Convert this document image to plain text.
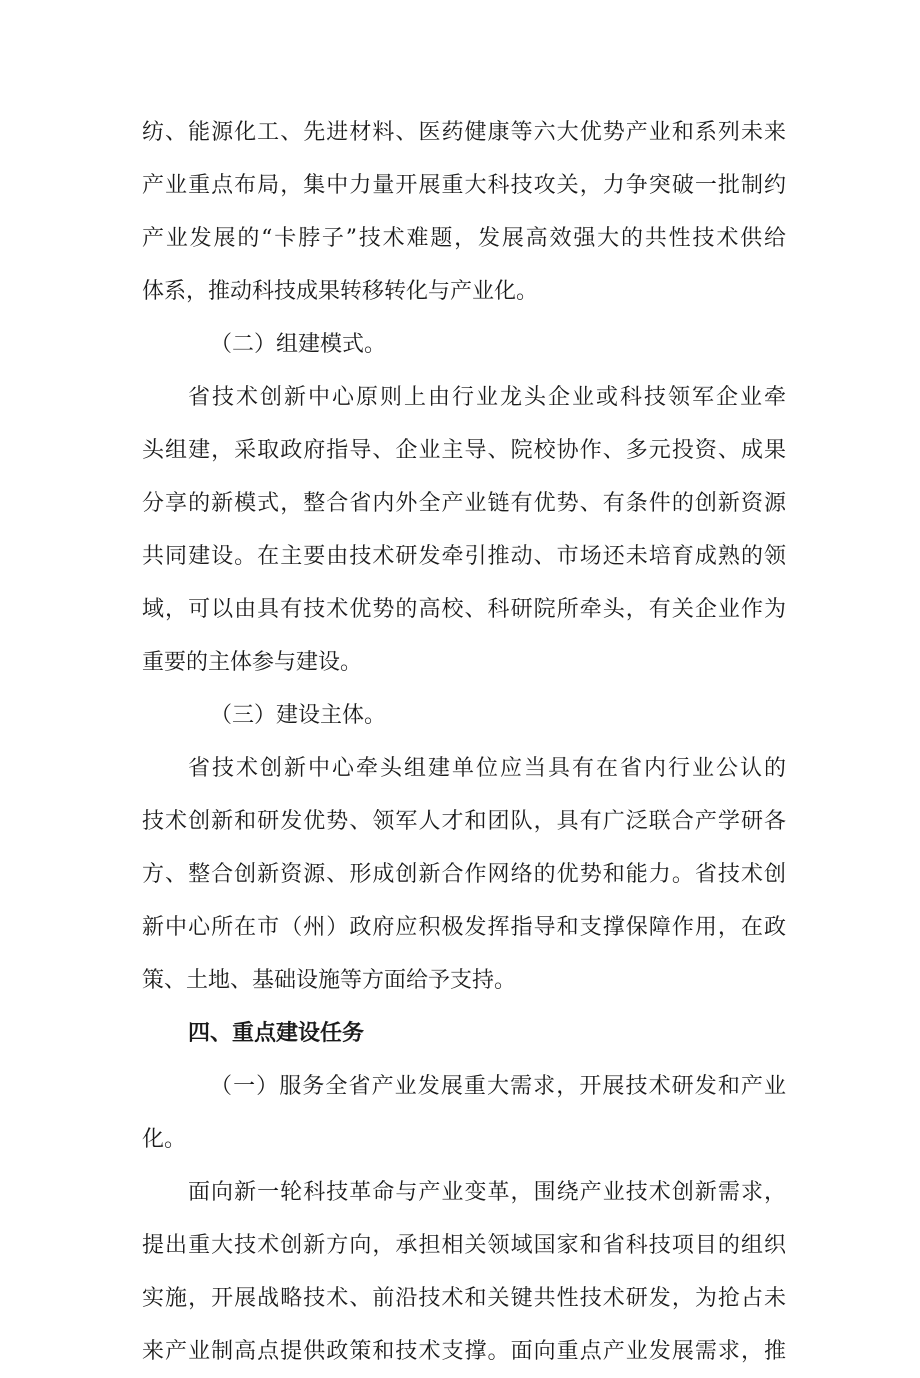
纺、能源化工、先进材料、医药健康等六大优势产业和系列未来
产业重点布局，集中力量开展重大科技攻关，力争突破一批制约
产业发展的“卡脖子”技术难题，发展高效强大的共性技术供给
体系，推动科技成果转移转化与产业化。
（二）组建模式。
省技术创新中心原则上由行业龙头企业或科技领军企业牵
头组建，采取政府指导、企业主导、院校协作、多元投资、成果
分享的新模式，整合省内外全产业链有优势、有条件的创新资源
共同建设。在主要由技术研发牵引推动、市场还未培育成熟的领
域，可以由具有技术优势的高校、科研院所牵头，有关企业作为
重要的主体参与建设。
（三）建设主体。
省技术创新中心牵头组建单位应当具有在省内行业公认的
技术创新和研发优势、领军人才和团队，具有广泛联合产学研各
方、整合创新资源、形成创新合作网络的优势和能力。省技术创
新中心所在市（州）政府应积极发挥指导和支撑保障作用，在政
策、土地、基础设施等方面给予支持。
四、重点建设任务
（一）服务全省产业发展重大需求，开展技术研发和产业
化。
面向新一轮科技革命与产业变革，围绕产业技术创新需求，
提出重大技术创新方向，承担相关领域国家和省科技项目的组织
实施，开展战略技术、前沿技术和关键共性技术研发，为抢占未
来产业制高点提供政策和技术支撑。面向重点产业发展需求，推
